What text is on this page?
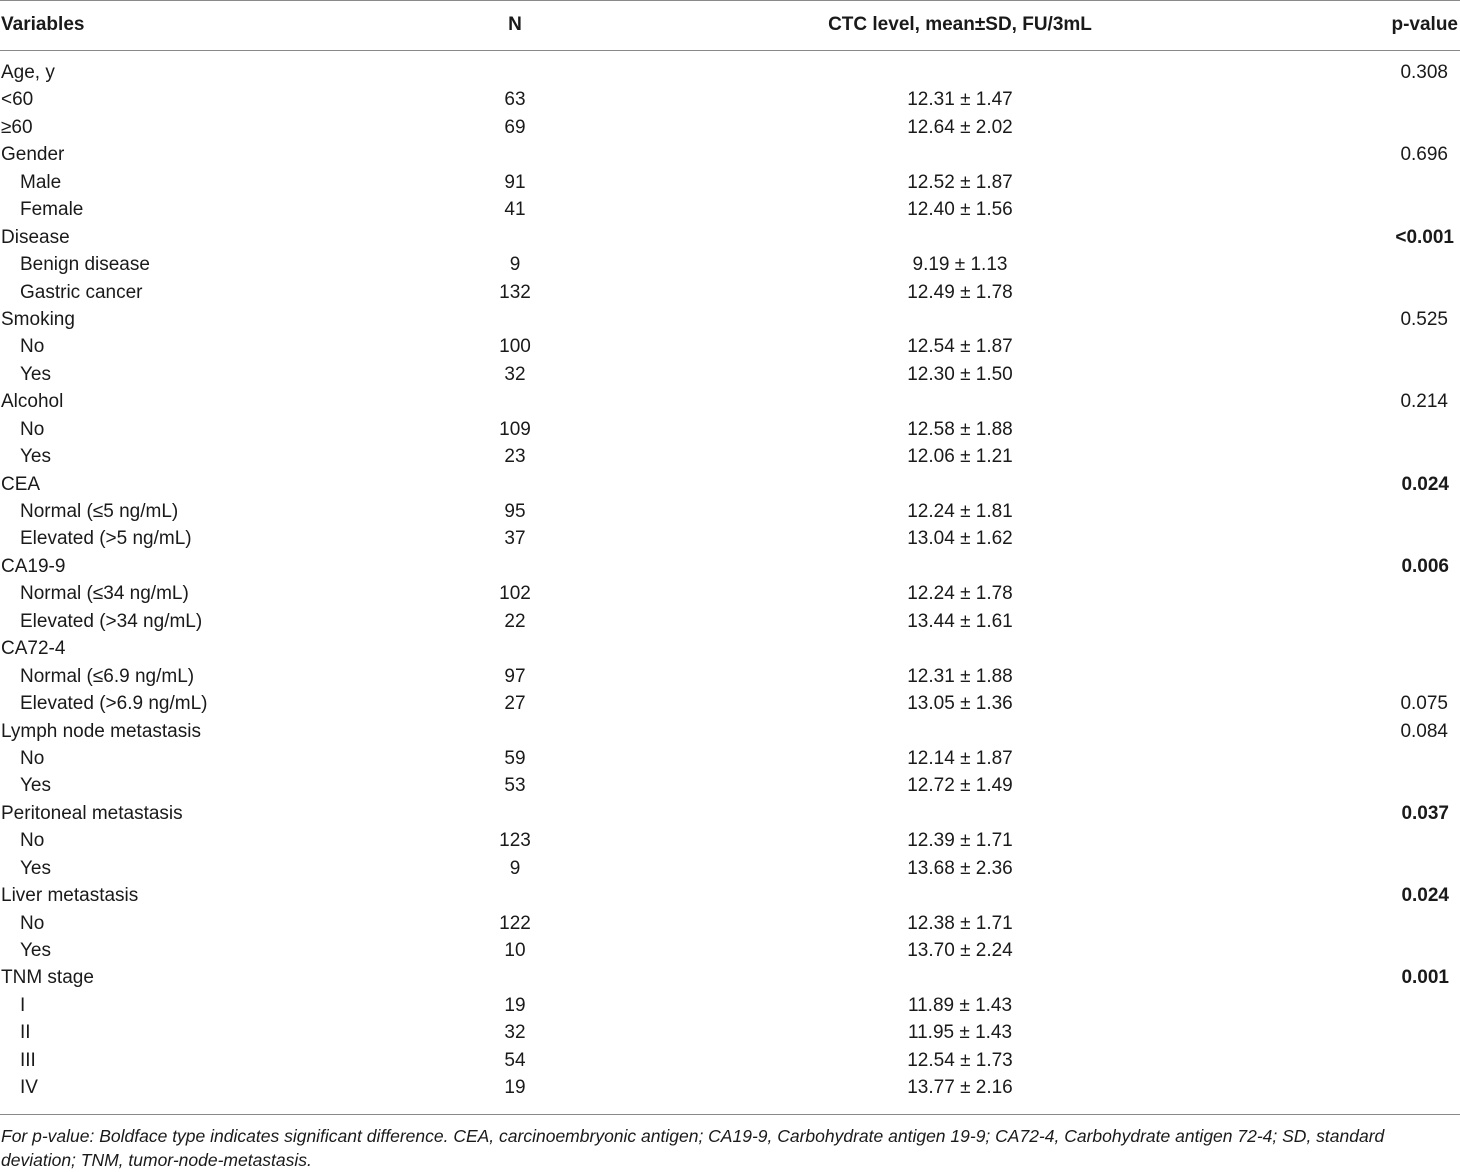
Variables	N	CTC level, mean±SD, FU/3mL	p-value
Age, y	0.308
<60	63	12.31 ± 1.47
≥60	69	12.64 ± 2.02
Gender	0.696
Male	91	12.52 ± 1.87
Female	41	12.40 ± 1.56
Disease	<0.001
Benign disease	9	9.19 ± 1.13
Gastric cancer	132	12.49 ± 1.78
Smoking	0.525
No	100	12.54 ± 1.87
Yes	32	12.30 ± 1.50
Alcohol	0.214
No	109	12.58 ± 1.88
Yes	23	12.06 ± 1.21
CEA	0.024
Normal (≤5 ng/mL)	95	12.24 ± 1.81
Elevated (>5 ng/mL)	37	13.04 ± 1.62
CA19-9	0.006
Normal (≤34 ng/mL)	102	12.24 ± 1.78
Elevated (>34 ng/mL)	22	13.44 ± 1.61
CA72-4
Normal (≤6.9 ng/mL)	97	12.31 ± 1.88
Elevated (>6.9 ng/mL)	27	13.05 ± 1.36	0.075
Lymph node metastasis	0.084
No	59	12.14 ± 1.87
Yes	53	12.72 ± 1.49
Peritoneal metastasis	0.037
No	123	12.39 ± 1.71
Yes	9	13.68 ± 2.36
Liver metastasis	0.024
No	122	12.38 ± 1.71
Yes	10	13.70 ± 2.24
TNM stage	0.001
I	19	11.89 ± 1.43
II	32	11.95 ± 1.43
III	54	12.54 ± 1.73
IV	19	13.77 ± 2.16
For p-value: Boldface type indicates significant difference. CEA, carcinoembryonic antigen; CA19-9, Carbohydrate antigen 19-9; CA72-4, Carbohydrate antigen 72-4; SD, standard deviation; TNM, tumor-node-metastasis.
